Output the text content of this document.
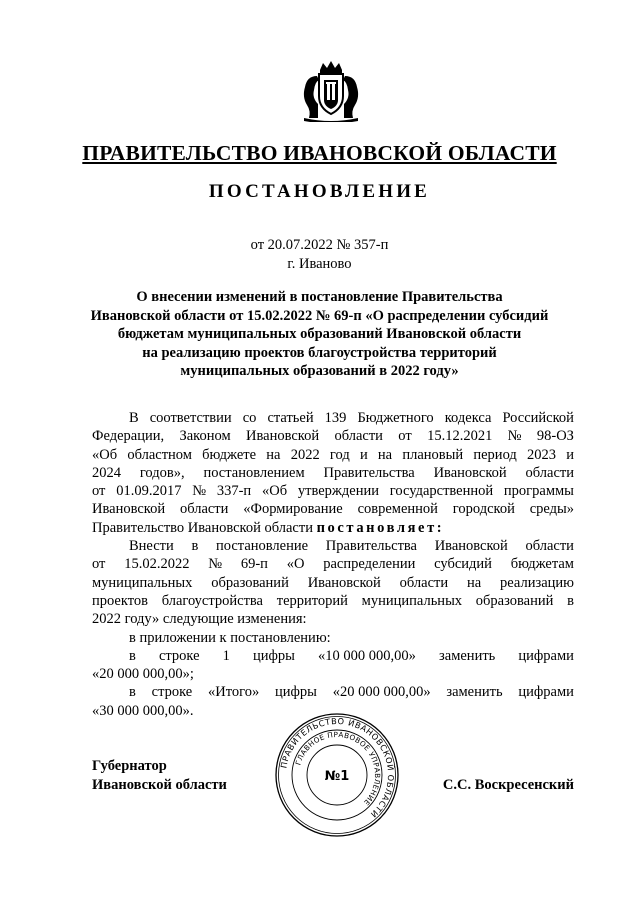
ПРАВИТЕЛЬСТВО ИВАНОВСКОЙ ОБЛАСТИ
ПОСТАНОВЛЕНИЕ
от 20.07.2022 № 357-п
г. Иваново
О внесении изменений в постановление Правительства
Ивановской области от 15.02.2022 № 69-п «О распределении субсидий
бюджетам муниципальных образований Ивановской области
на реализацию проектов благоустройства территорий
муниципальных образований в 2022 году»
В соответствии со статьей 139 Бюджетного кодекса Российской
Федерации, Законом Ивановской области от 15.12.2021 № 98-ОЗ
«Об областном бюджете на 2022 год и на плановый период 2023 и
2024 годов», постановлением Правительства Ивановской области
от 01.09.2017 № 337-п «Об утверждении государственной программы
Ивановской области «Формирование современной городской среды»
Правительство Ивановской области постановляет:
Внести в постановление Правительства Ивановской области
от 15.02.2022 № 69-п «О распределении субсидий бюджетам
муниципальных образований Ивановской области на реализацию
проектов благоустройства территорий муниципальных образований в
2022 году» следующие изменения:
в приложении к постановлению:
в строке 1 цифры «10 000 000,00» заменить цифрами
«20 000 000,00»;
в строке «Итого» цифры «20 000 000,00» заменить цифрами
«30 000 000,00».
Губернатор
Ивановской области	С.С. Воскресенский
ПРАВИТЕЛЬСТВО ИВАНОВСКОЙ ОБЛАСТИ
ГЛАВНОЕ ПРАВОВОЕ УПРАВЛЕНИЕ
№1
